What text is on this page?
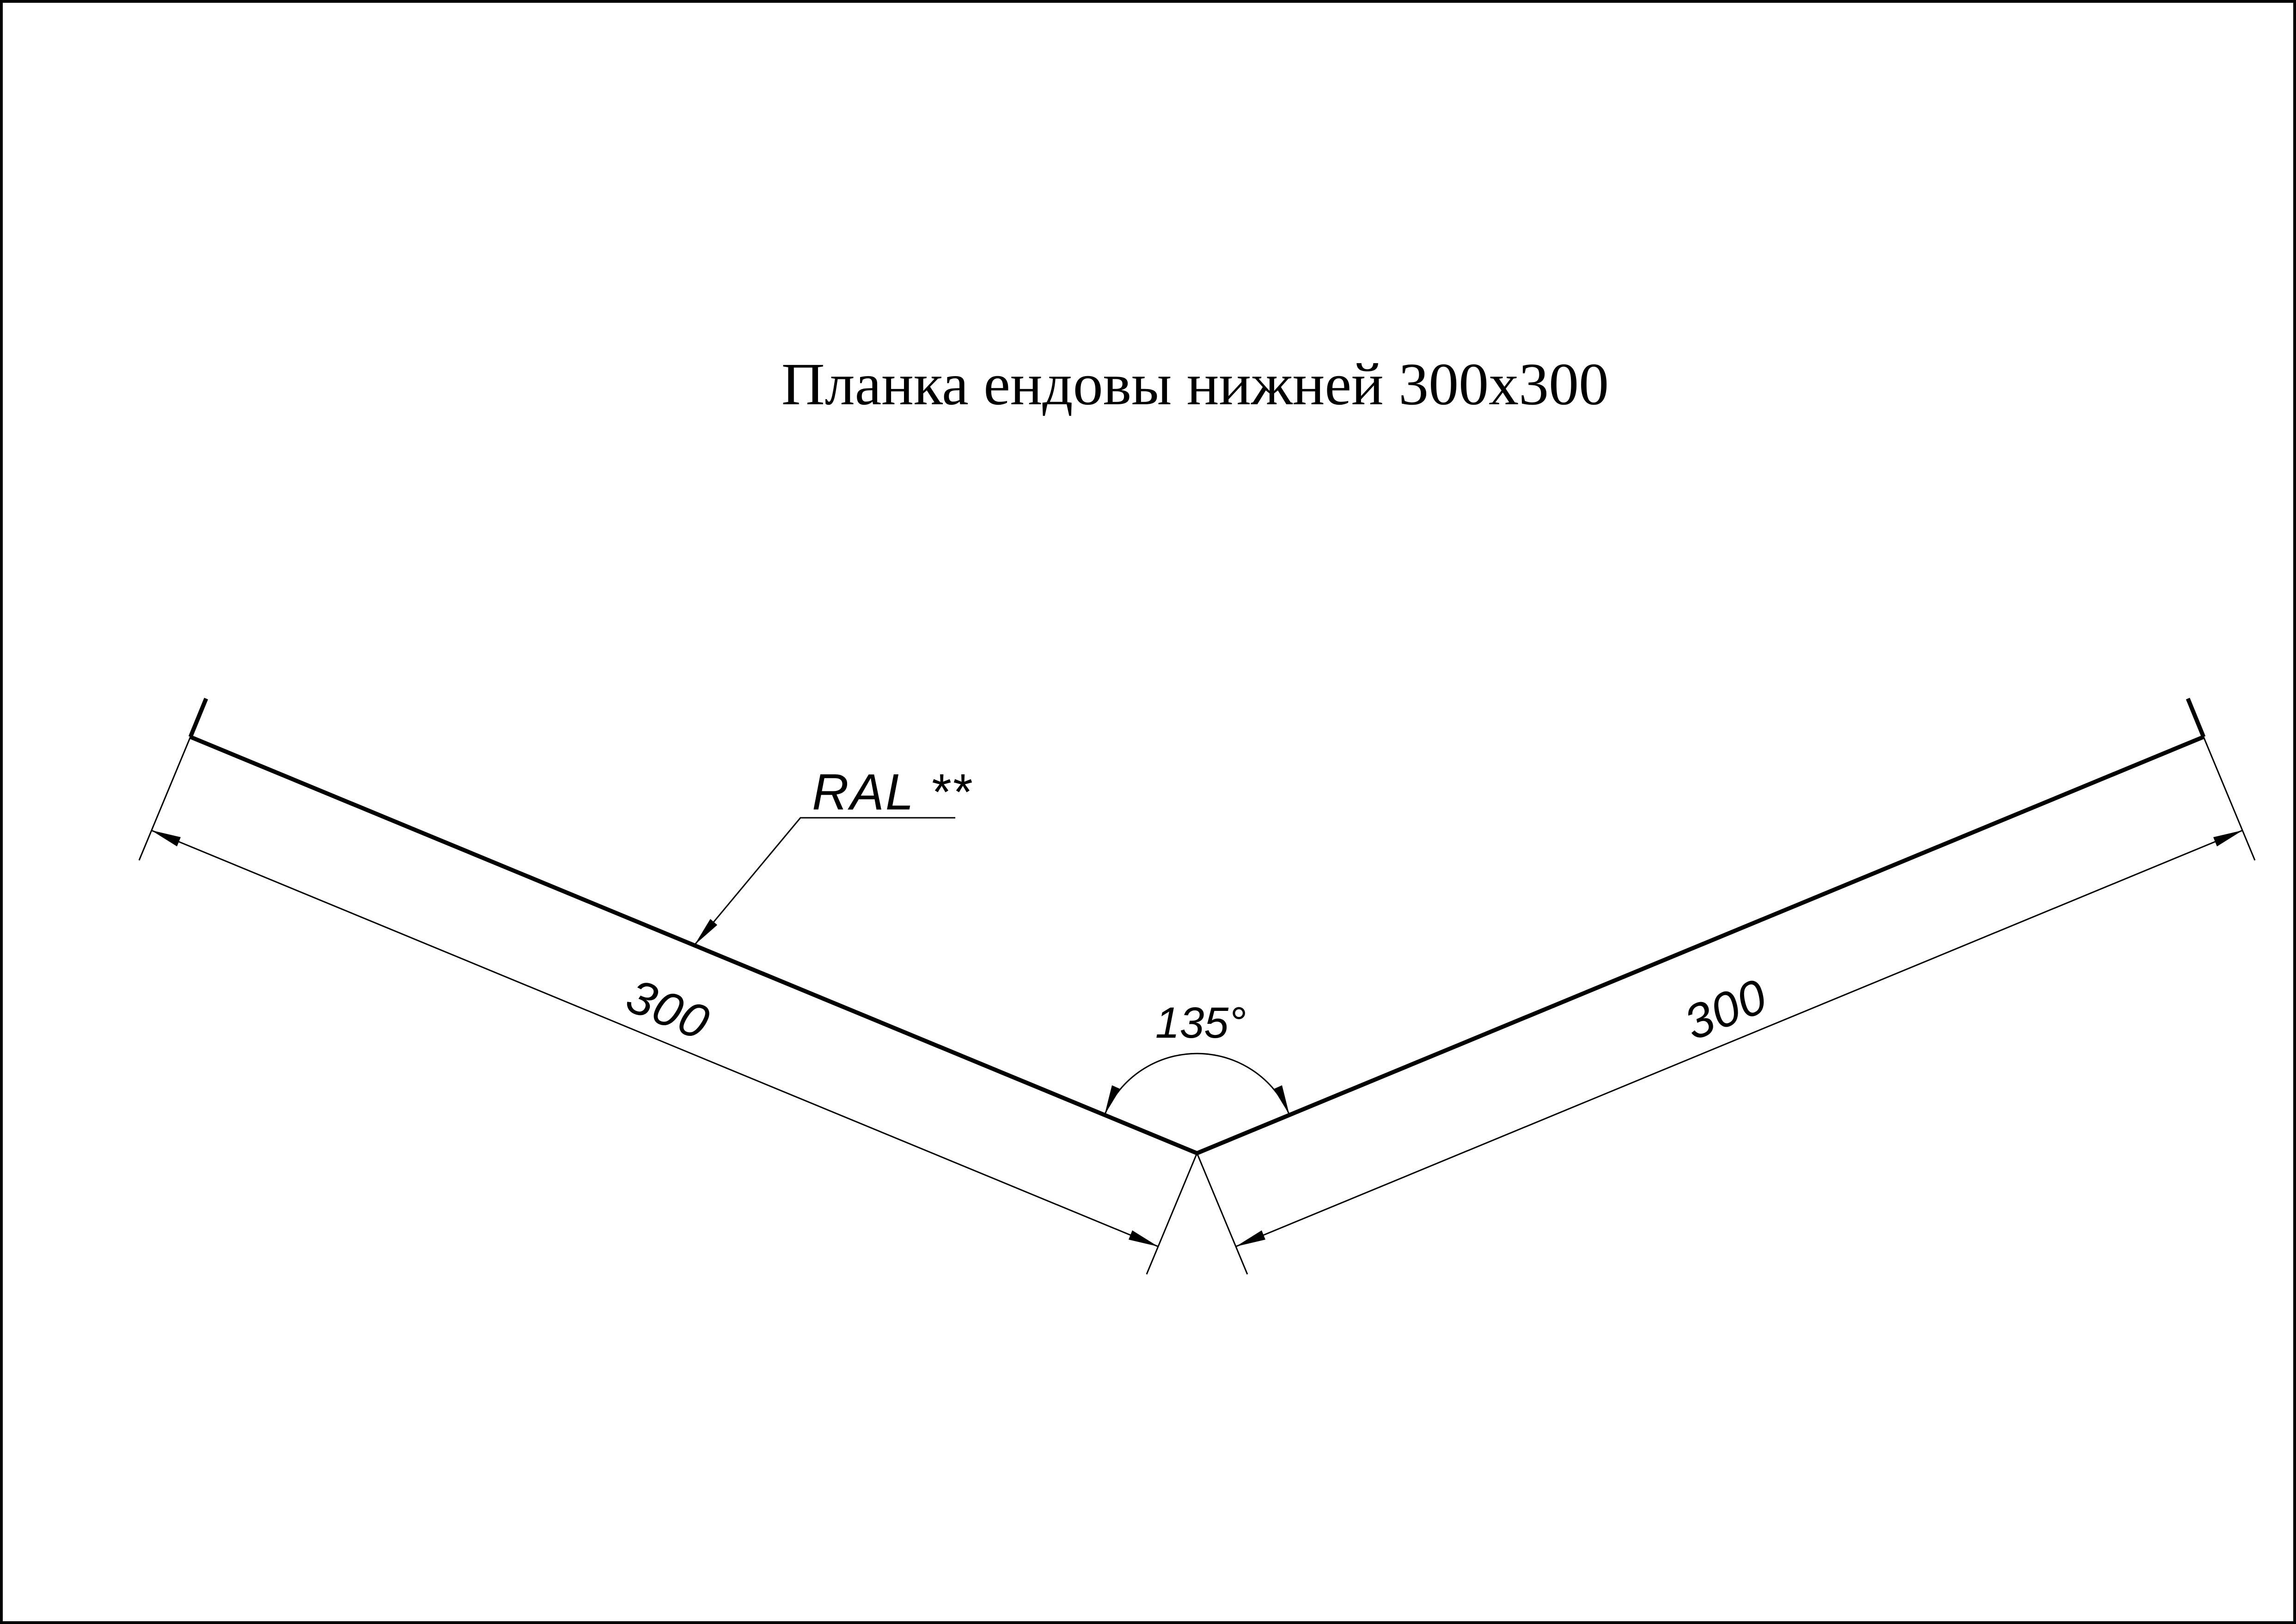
Планка ендовы нижней 300x300
300	300
135°
RAL **
